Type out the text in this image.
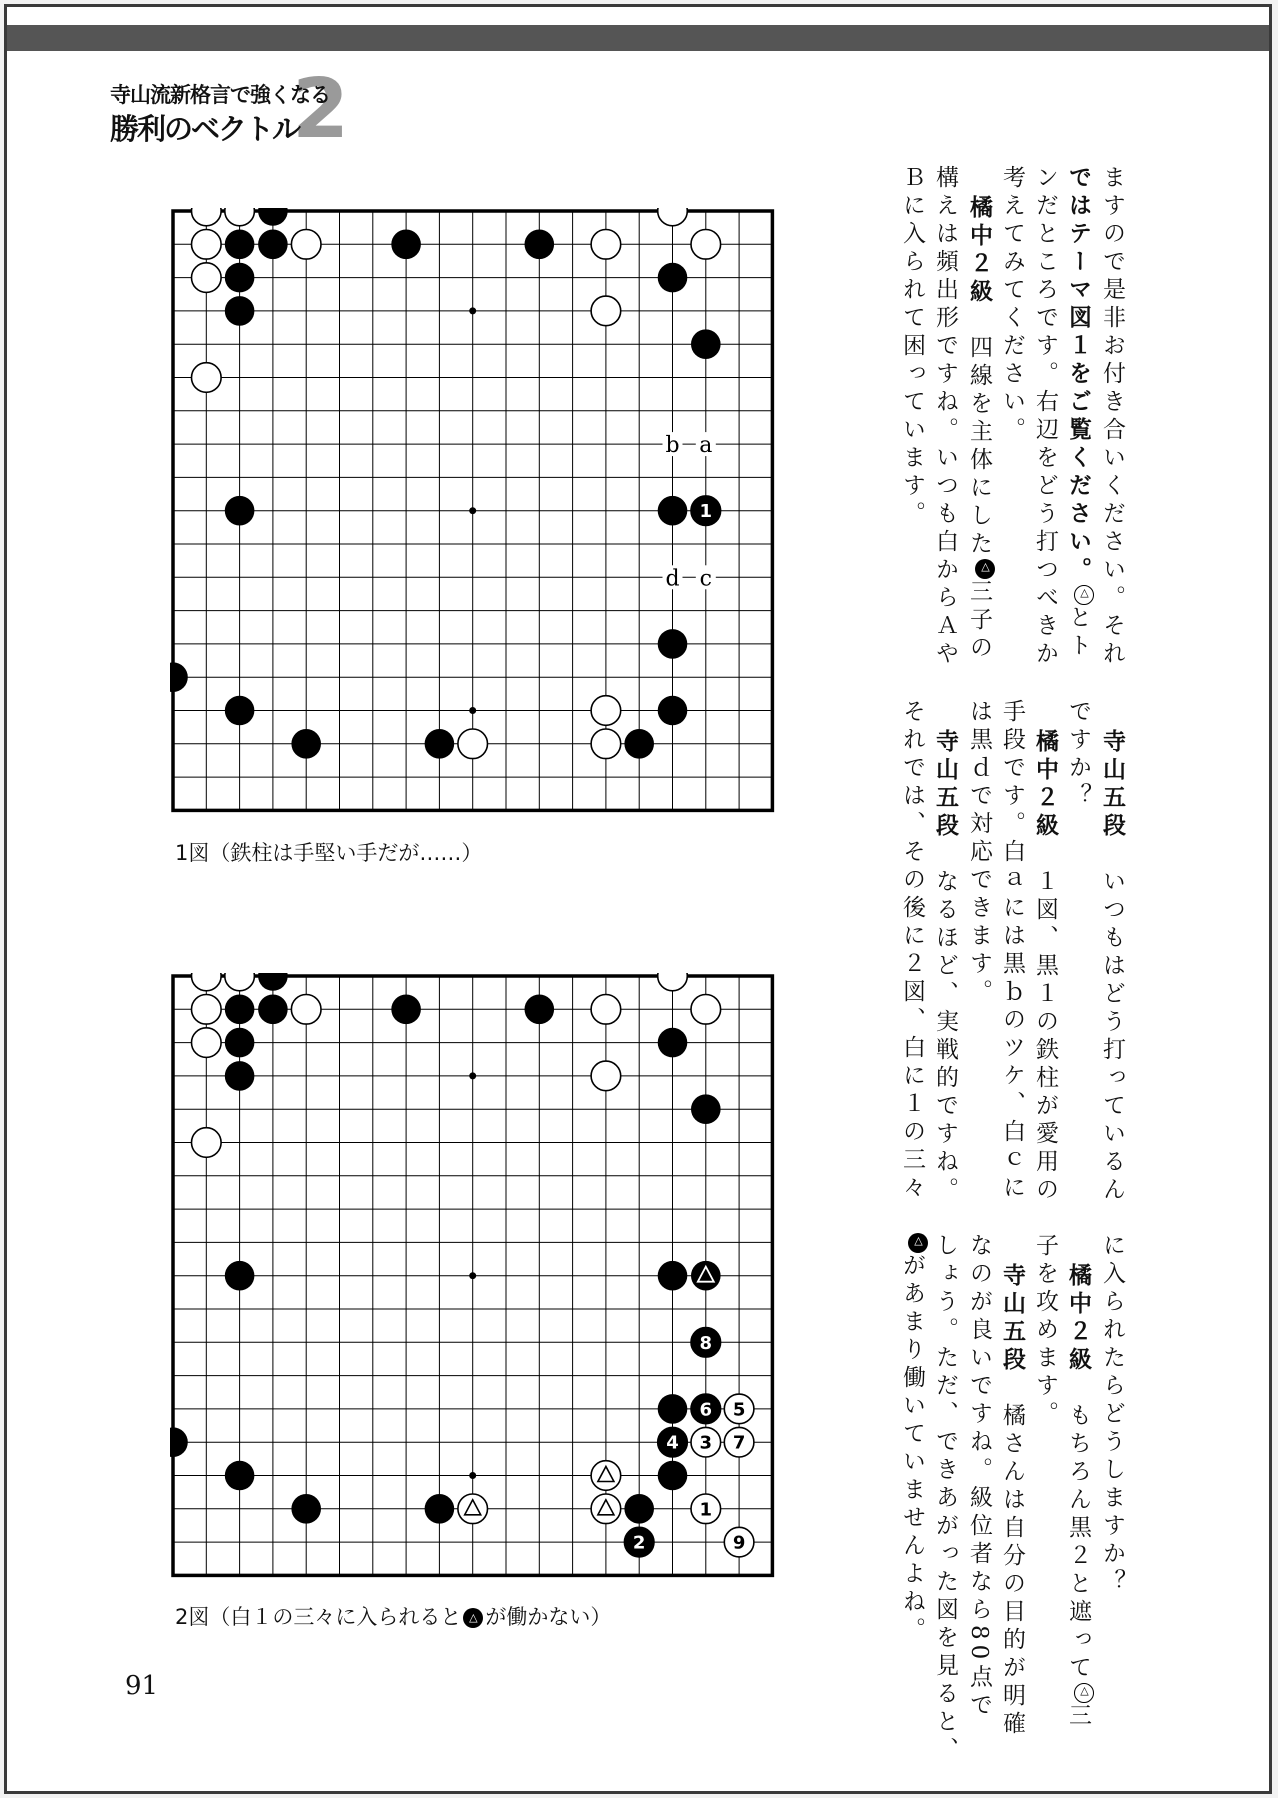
2
寺山流新格言で強くなる
勝利のベクトル
b a
d c
1
1図（鉄柱は手堅い手だが……）
1
2
3
4
5
6
7
8
9
2図（白１の三々に入られると △ が働かない）
ますので是非お付き合いください。それ
ではテーマ図１をご覧ください。△とト
ンだところです。右辺をどう打つべきか
考えてみてください。
橘中２級　四線を主体にした△三子の
構えは頻出形ですね。いつも白からＡや
Ｂに入られて困っています。
寺山五段　いつもはどう打っているん
ですか？
橘中２級　１図、黒１の鉄柱が愛用の
手段です。白ａには黒ｂのツケ、白ｃに
は黒ｄで対応できます。
寺山五段　なるほど、実戦的ですね。
それでは、その後に２図、白に１の三々
に入られたらどうしますか？
橘中２級　もちろん黒２と遮って△三
子を攻めます。
寺山五段　橘さんは自分の目的が明確
なのが良いですね。級位者なら80点で
しょう。ただ、できあがった図を見ると、
△があまり働いていませんよね。
91
